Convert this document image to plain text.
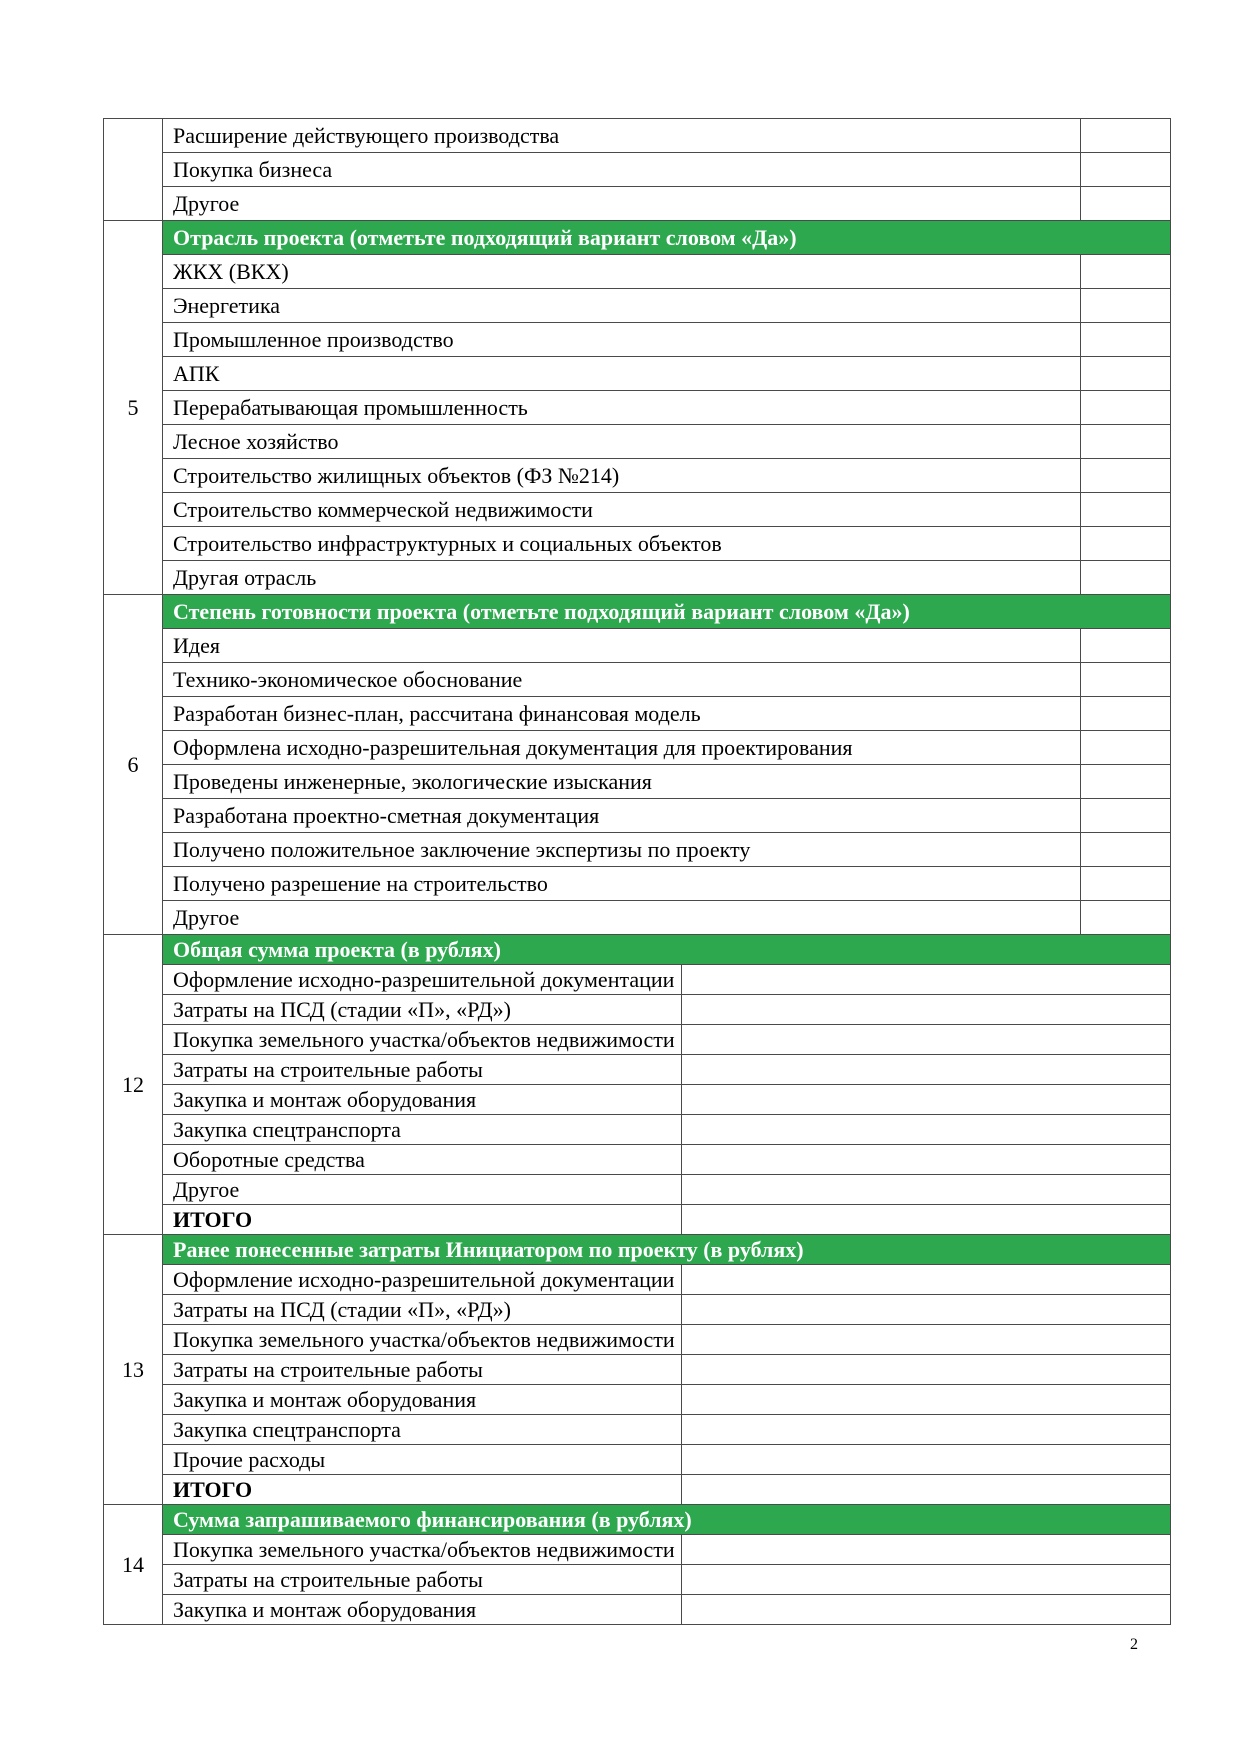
	Расширение действующего производства		
	Покупка бизнеса		
	Другое		
5	Отрасль проекта (отметьте подходящий вариант словом «Да»)		
	ЖКХ (ВКХ)		
	Энергетика		
	Промышленное производство		
	АПК		
	Перерабатывающая промышленность		
	Лесное хозяйство		
	Строительство жилищных объектов (ФЗ №214)		
	Строительство коммерческой недвижимости		
	Строительство инфраструктурных и социальных объектов		
	Другая отрасль		
6	Степень готовности проекта (отметьте подходящий вариант словом «Да»)		
	Идея		
	Технико-экономическое обоснование		
	Разработан бизнес-план, рассчитана финансовая модель		
	Оформлена исходно-разрешительная документация для проектирования		
	Проведены инженерные, экологические изыскания		
	Разработана проектно-сметная документация		
	Получено положительное заключение экспертизы по проекту		
	Получено разрешение на строительство		
	Другое		
12	Общая сумма проекта (в рублях)		
	Оформление исходно-разрешительной документации		
	Затраты на ПСД (стадии «П», «РД»)		
	Покупка земельного участка/объектов недвижимости		
	Затраты на строительные работы		
	Закупка и монтаж оборудования		
	Закупка спецтранспорта		
	Оборотные средства		
	Другое		
	ИТОГО		
13	Ранее понесенные затраты Инициатором по проекту (в рублях)		
	Оформление исходно-разрешительной документации		
	Затраты на ПСД (стадии «П», «РД»)		
	Покупка земельного участка/объектов недвижимости		
	Затраты на строительные работы		
	Закупка и монтаж оборудования		
	Закупка спецтранспорта		
	Прочие расходы		
	ИТОГО		
14	Сумма запрашиваемого финансирования (в рублях)		
	Покупка земельного участка/объектов недвижимости		
	Затраты на строительные работы		
	Закупка и монтаж оборудования		
2
